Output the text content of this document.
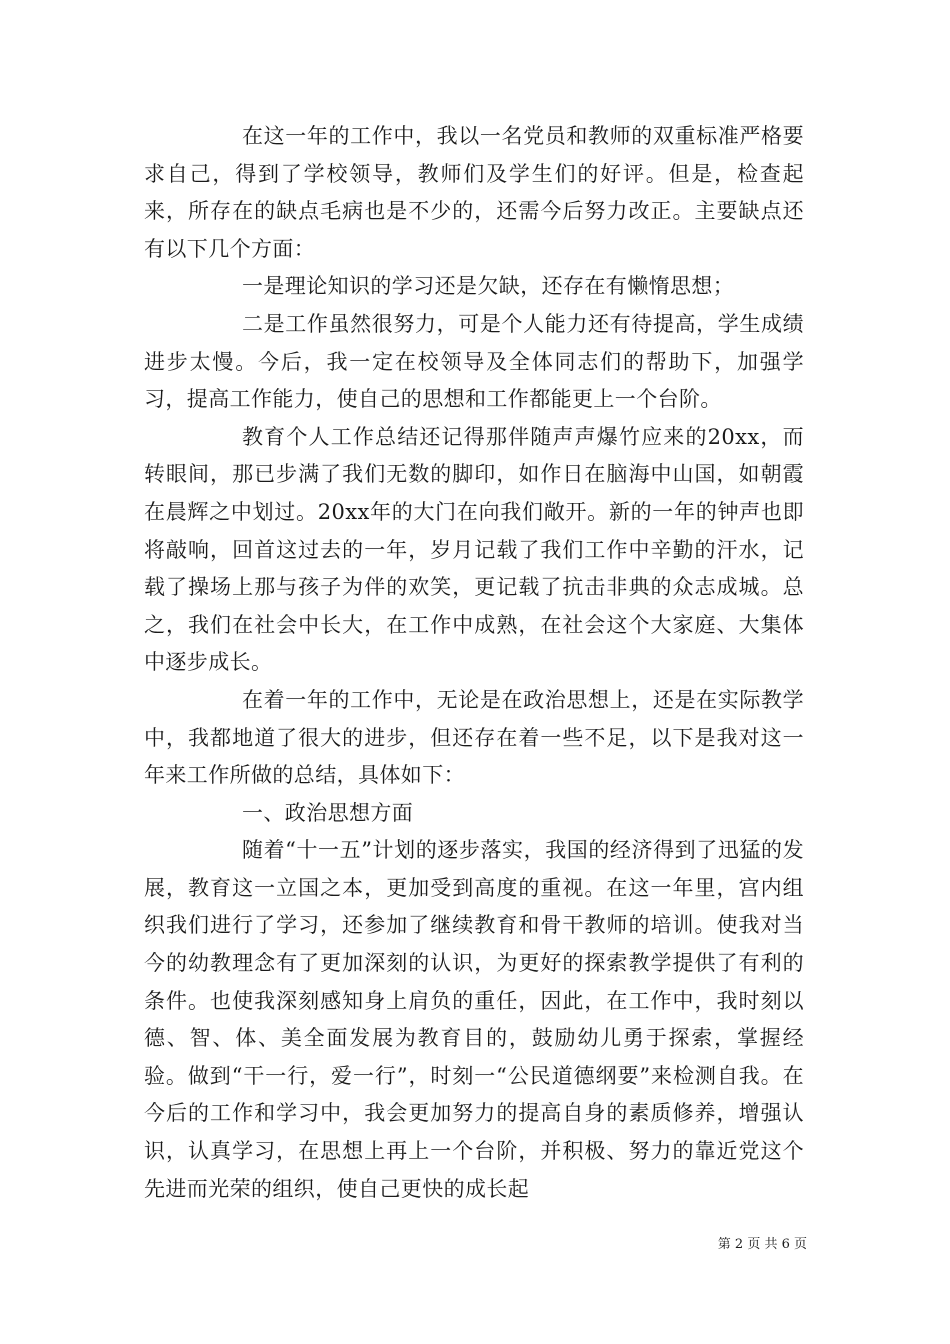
在这一年的工作中，我以一名党员和教师的双重标准严格要求自己，得到了学校领导，教师们及学生们的好评。但是，检查起来，所存在的缺点毛病也是不少的，还需今后努力改正。主要缺点还有以下几个方面：

一是理论知识的学习还是欠缺，还存在有懒惰思想；

二是工作虽然很努力，可是个人能力还有待提高，学生成绩进步太慢。今后，我一定在校领导及全体同志们的帮助下，加强学习，提高工作能力，使自己的思想和工作都能更上一个台阶。

教育个人工作总结还记得那伴随声声爆竹应来的20xx，而转眼间，那已步满了我们无数的脚印，如作日在脑海中山国，如朝霞在晨辉之中划过。20xx年的大门在向我们敞开。新的一年的钟声也即将敲响，回首这过去的一年，岁月记载了我们工作中辛勤的汗水，记载了操场上那与孩子为伴的欢笑，更记载了抗击非典的众志成城。总之，我们在社会中长大，在工作中成熟，在社会这个大家庭、大集体中逐步成长。

在着一年的工作中，无论是在政治思想上，还是在实际教学中，我都地道了很大的进步，但还存在着一些不足，以下是我对这一年来工作所做的总结，具体如下：

一、政治思想方面

随着“十一五”计划的逐步落实，我国的经济得到了迅猛的发展，教育这一立国之本，更加受到高度的重视。在这一年里，宫内组织我们进行了学习，还参加了继续教育和骨干教师的培训。使我对当今的幼教理念有了更加深刻的认识，为更好的探索教学提供了有利的条件。也使我深刻感知身上肩负的重任，因此，在工作中，我时刻以德、智、体、美全面发展为教育目的，鼓励幼儿勇于探索，掌握经验。做到“干一行，爱一行”，时刻一“公民道德纲要”来检测自我。在今后的工作和学习中，我会更加努力的提高自身的素质修养，增强认识，认真学习，在思想上再上一个台阶，并积极、努力的靠近党这个先进而光荣的组织，使自己更快的成长起

第 2 页 共 6 页
